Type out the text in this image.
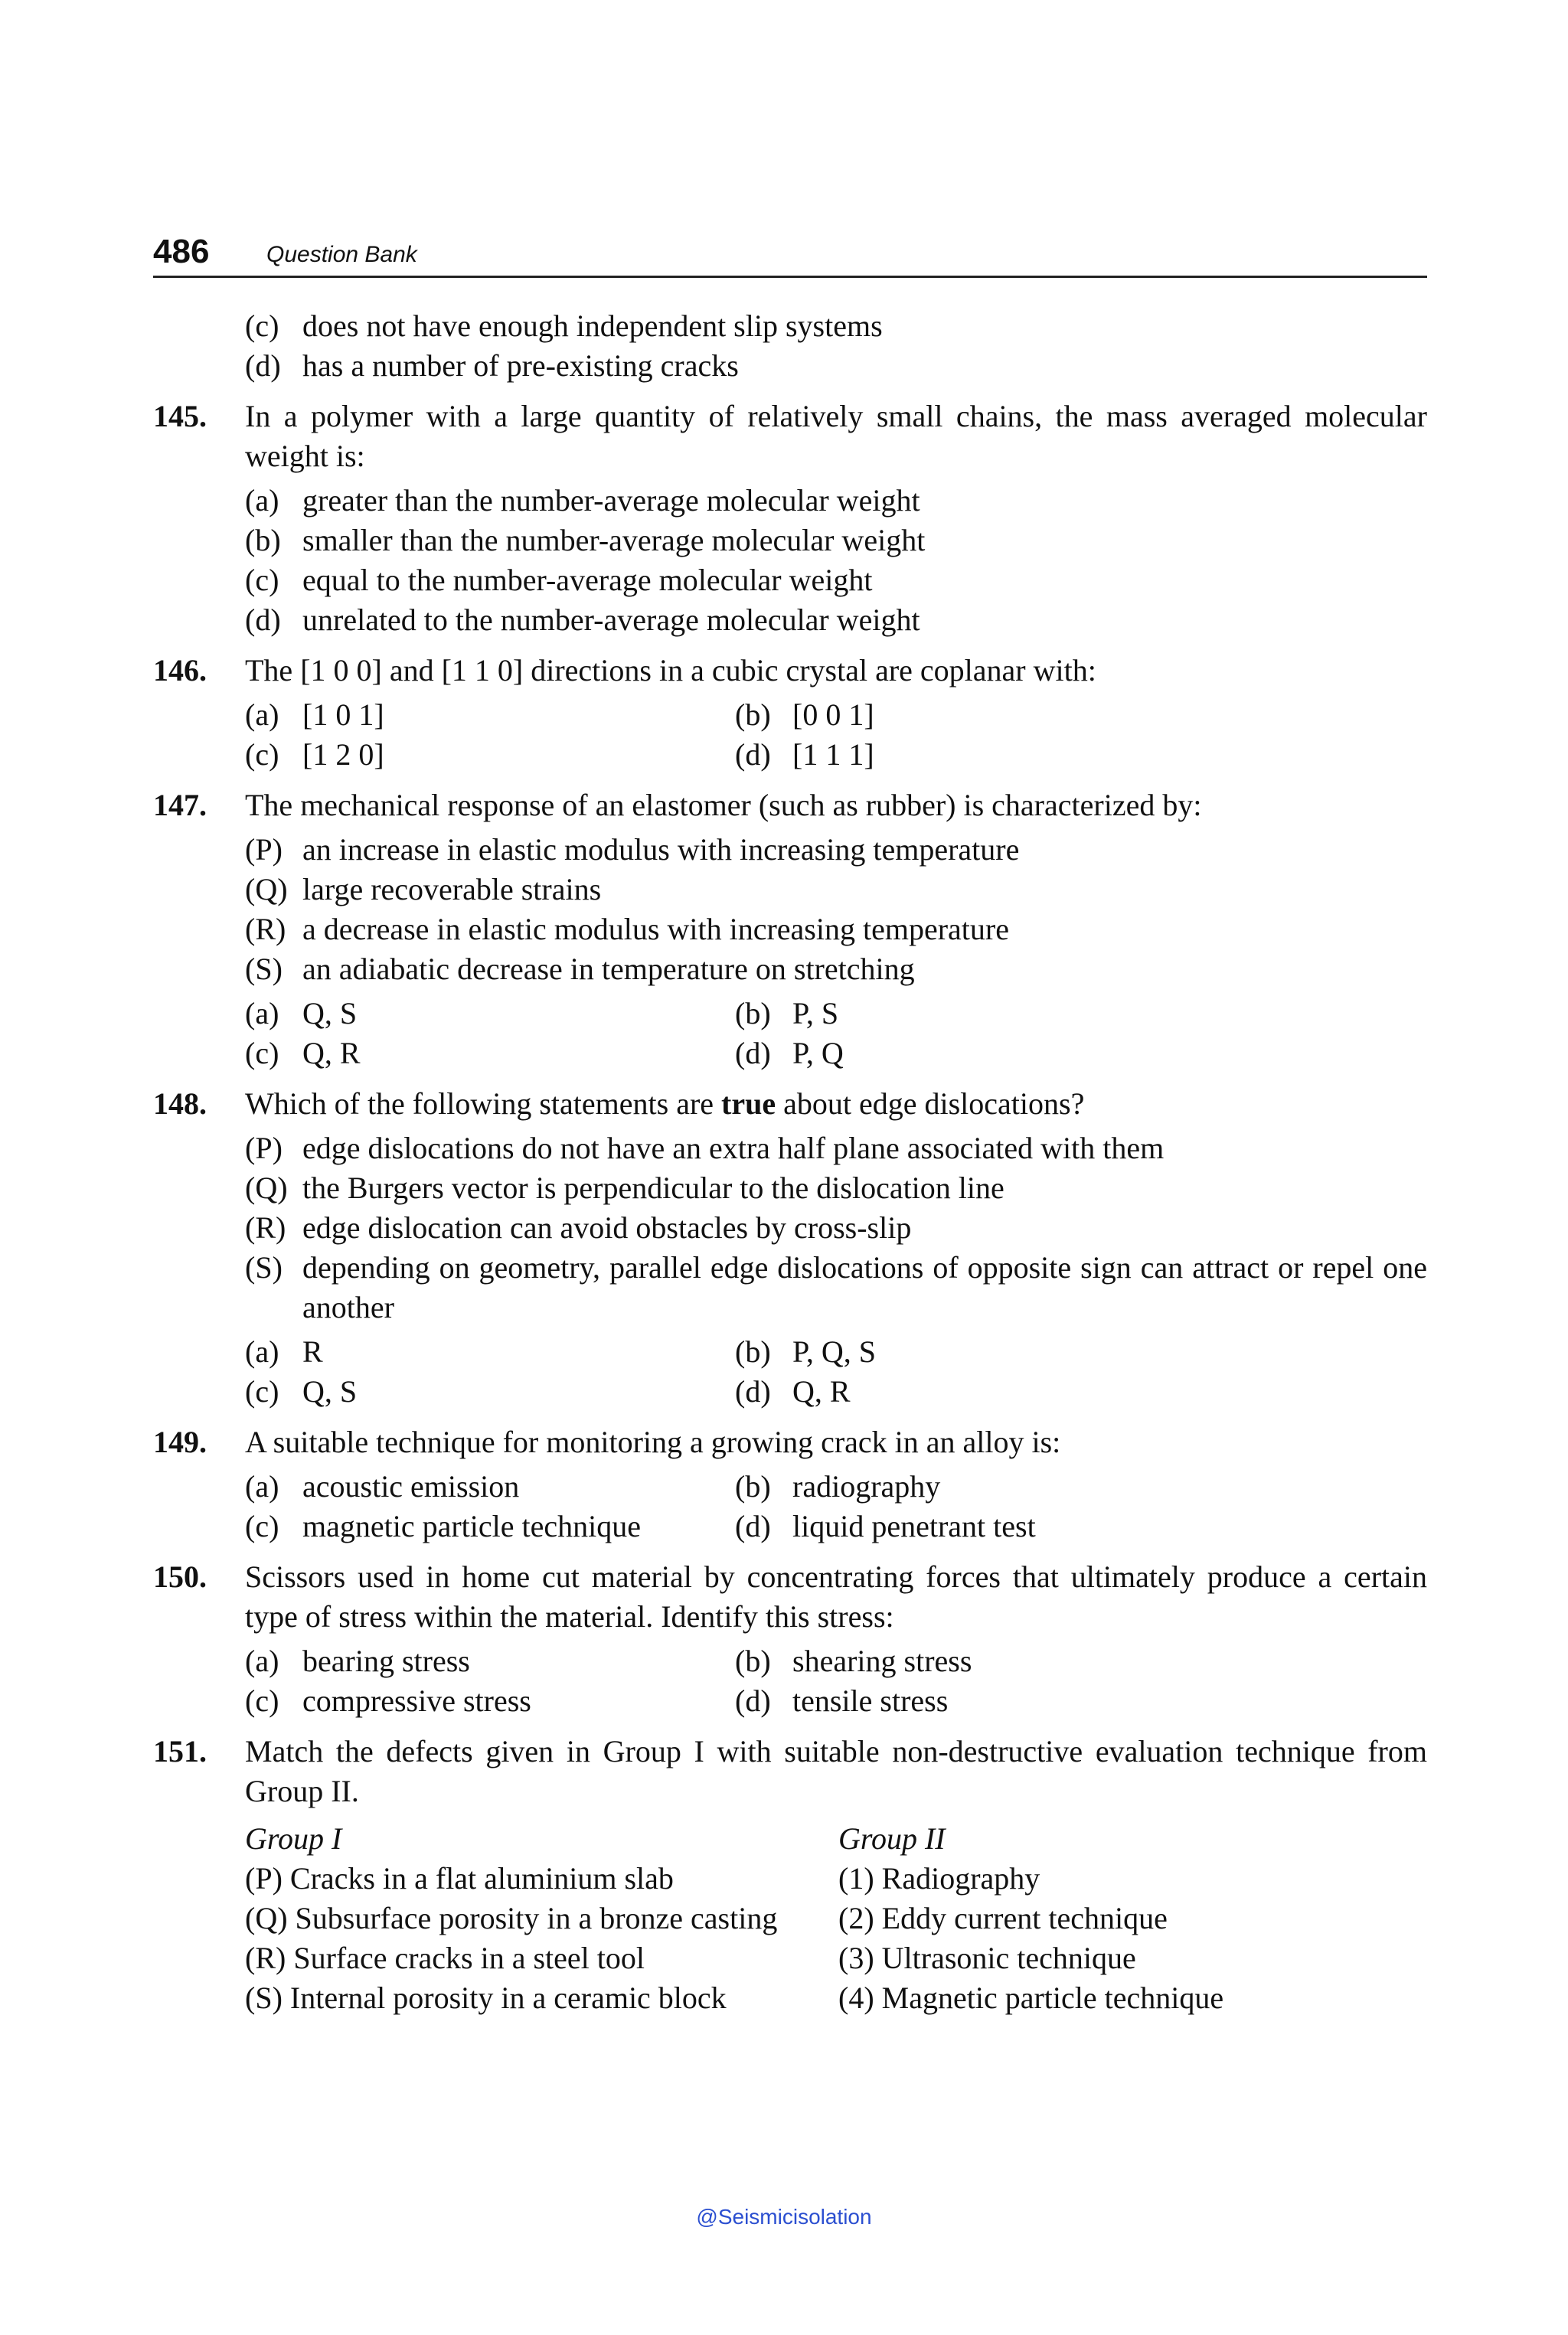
486 Question Bank
(c) does not have enough independent slip systems
(d) has a number of pre-existing cracks
145. In a polymer with a large quantity of relatively small chains, the mass averaged molecular weight is:
(a) greater than the number-average molecular weight
(b) smaller than the number-average molecular weight
(c) equal to the number-average molecular weight
(d) unrelated to the number-average molecular weight
146. The [1 0 0] and [1 1 0] directions in a cubic crystal are coplanar with:
(a) [1 0 1]	(b) [0 0 1]
(c) [1 2 0]	(d) [1 1 1]
147. The mechanical response of an elastomer (such as rubber) is characterized by:
(P) an increase in elastic modulus with increasing temperature
(Q) large recoverable strains
(R) a decrease in elastic modulus with increasing temperature
(S) an adiabatic decrease in temperature on stretching
(a) Q, S	(b) P, S
(c) Q, R	(d) P, Q
148. Which of the following statements are true about edge dislocations?
(P) edge dislocations do not have an extra half plane associated with them
(Q) the Burgers vector is perpendicular to the dislocation line
(R) edge dislocation can avoid obstacles by cross-slip
(S) depending on geometry, parallel edge dislocations of opposite sign can attract or repel one another
(a) R	(b) P, Q, S
(c) Q, S	(d) Q, R
149. A suitable technique for monitoring a growing crack in an alloy is:
(a) acoustic emission	(b) radiography
(c) magnetic particle technique	(d) liquid penetrant test
150. Scissors used in home cut material by concentrating forces that ultimately produce a certain type of stress within the material. Identify this stress:
(a) bearing stress	(b) shearing stress
(c) compressive stress	(d) tensile stress
151. Match the defects given in Group I with suitable non-destructive evaluation technique from Group II.
Group I	Group II
(P) Cracks in a flat aluminium slab	(1) Radiography
(Q) Subsurface porosity in a bronze casting	(2) Eddy current technique
(R) Surface cracks in a steel tool	(3) Ultrasonic technique
(S) Internal porosity in a ceramic block	(4) Magnetic particle technique
@Seismicisolation
